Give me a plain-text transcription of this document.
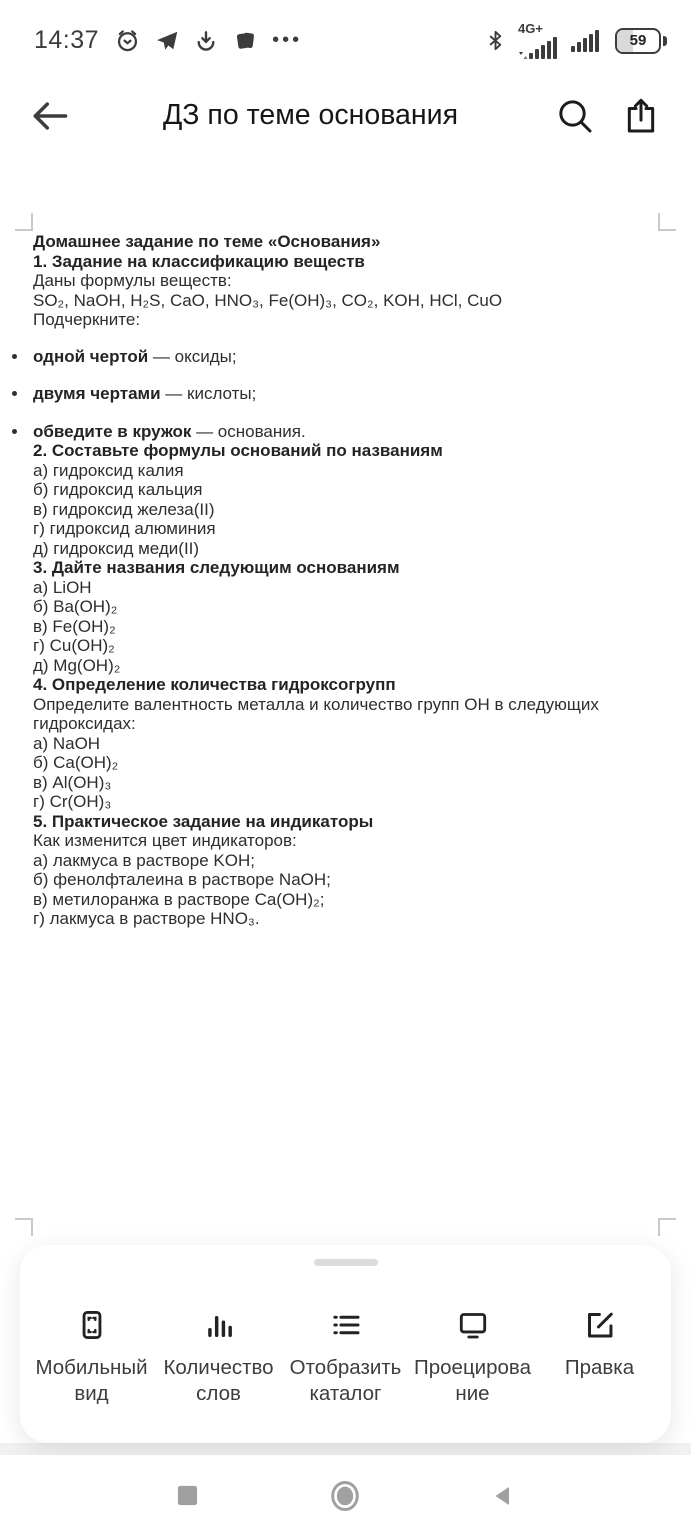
14:37	•••
4G+
59
ДЗ по теме основания

Домашнее задание по теме «Основания»

1. Задание на классификацию веществ

Даны формулы веществ:

SO₂, NaOH, H₂S, CaO, HNO₃, Fe(OH)₃, CO₂, KOH, HCl, CuO

Подчеркните:

одной чертой — оксиды;
двумя чертами — кислоты;
обведите в кружок — основания.

2. Составьте формулы оснований по названиям

а) гидроксид калия

б) гидроксид кальция

в) гидроксид железа(II)

г) гидроксид алюминия

д) гидроксид меди(II)

3. Дайте названия следующим основаниям

а) LiOH

б) Ba(OH)₂

в) Fe(OH)₂

г) Cu(OH)₂

д) Mg(OH)₂

4. Определение количества гидроксогрупп

Определите валентность металла и количество групп OH в следующих гидроксидах:

а) NaOH

б) Ca(OH)₂

в) Al(OH)₃

г) Cr(OH)₃

5. Практическое задание на индикаторы

Как изменится цвет индикаторов:

а) лакмуса в растворе KOH;

б) фенолфталеина в растворе NaOH;

в) метилоранжа в растворе Ca(OH)₂;

г) лакмуса в растворе HNO₃.

Мобильный вид
Количество слов
Отобразить каталог
Проецирование
Правка
